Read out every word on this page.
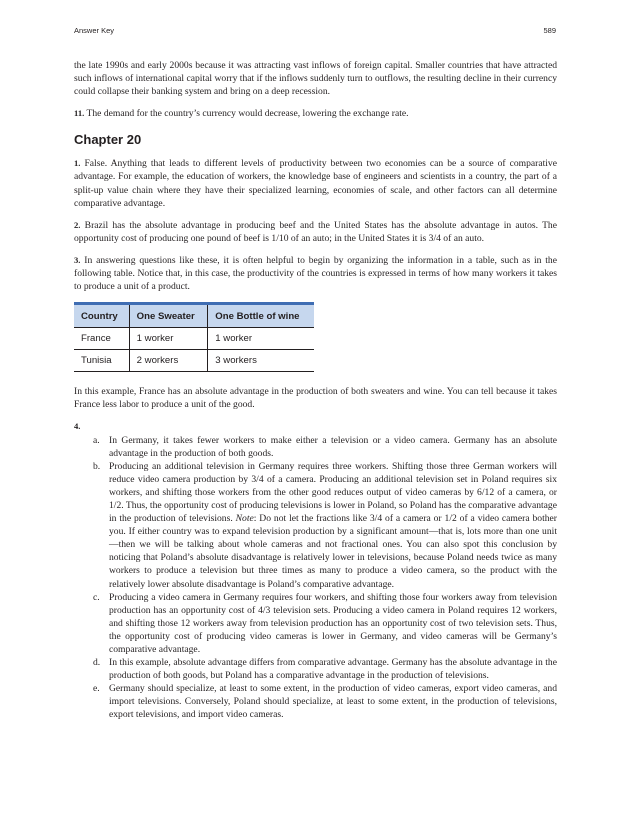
Answer Key	589

the late 1990s and early 2000s because it was attracting vast inflows of foreign capital. Smaller countries that have attracted such inflows of international capital worry that if the inflows suddenly turn to outflows, the resulting decline in their currency could collapse their banking system and bring on a deep recession.

11. The demand for the country’s currency would decrease, lowering the exchange rate.

Chapter 20

1. False. Anything that leads to different levels of productivity between two economies can be a source of comparative advantage. For example, the education of workers, the knowledge base of engineers and scientists in a country, the part of a split-up value chain where they have their specialized learning, economies of scale, and other factors can all determine comparative advantage.

2. Brazil has the absolute advantage in producing beef and the United States has the absolute advantage in autos. The opportunity cost of producing one pound of beef is 1/10 of an auto; in the United States it is 3/4 of an auto.

3. In answering questions like these, it is often helpful to begin by organizing the information in a table, such as in the following table. Notice that, in this case, the productivity of the countries is expressed in terms of how many workers it takes to produce a unit of a product.

Country	One Sweater	One Bottle of wine
France	1 worker	1 worker
Tunisia	2 workers	3 workers

In this example, France has an absolute advantage in the production of both sweaters and wine. You can tell because it takes France less labor to produce a unit of the good.

4.

a. In Germany, it takes fewer workers to make either a television or a video camera. Germany has an absolute advantage in the production of both goods.
b. Producing an additional television in Germany requires three workers. Shifting those three German workers will reduce video camera production by 3/4 of a camera. Producing an additional television set in Poland requires six workers, and shifting those workers from the other good reduces output of video cameras by 6/12 of a camera, or 1/2. Thus, the opportunity cost of producing televisions is lower in Poland, so Poland has the comparative advantage in the production of televisions. Note: Do not let the fractions like 3/4 of a camera or 1/2 of a video camera bother you. If either country was to expand television production by a significant amount—that is, lots more than one unit—then we will be talking about whole cameras and not fractional ones. You can also spot this conclusion by noticing that Poland’s absolute disadvantage is relatively lower in televisions, because Poland needs twice as many workers to produce a television but three times as many to produce a video camera, so the product with the relatively lower absolute disadvantage is Poland’s comparative advantage.
c. Producing a video camera in Germany requires four workers, and shifting those four workers away from television production has an opportunity cost of 4/3 television sets. Producing a video camera in Poland requires 12 workers, and shifting those 12 workers away from television production has an opportunity cost of two television sets. Thus, the opportunity cost of producing video cameras is lower in Germany, and video cameras will be Germany’s comparative advantage.
d. In this example, absolute advantage differs from comparative advantage. Germany has the absolute advantage in the production of both goods, but Poland has a comparative advantage in the production of televisions.
e. Germany should specialize, at least to some extent, in the production of video cameras, export video cameras, and import televisions. Conversely, Poland should specialize, at least to some extent, in the production of televisions, export televisions, and import video cameras.
